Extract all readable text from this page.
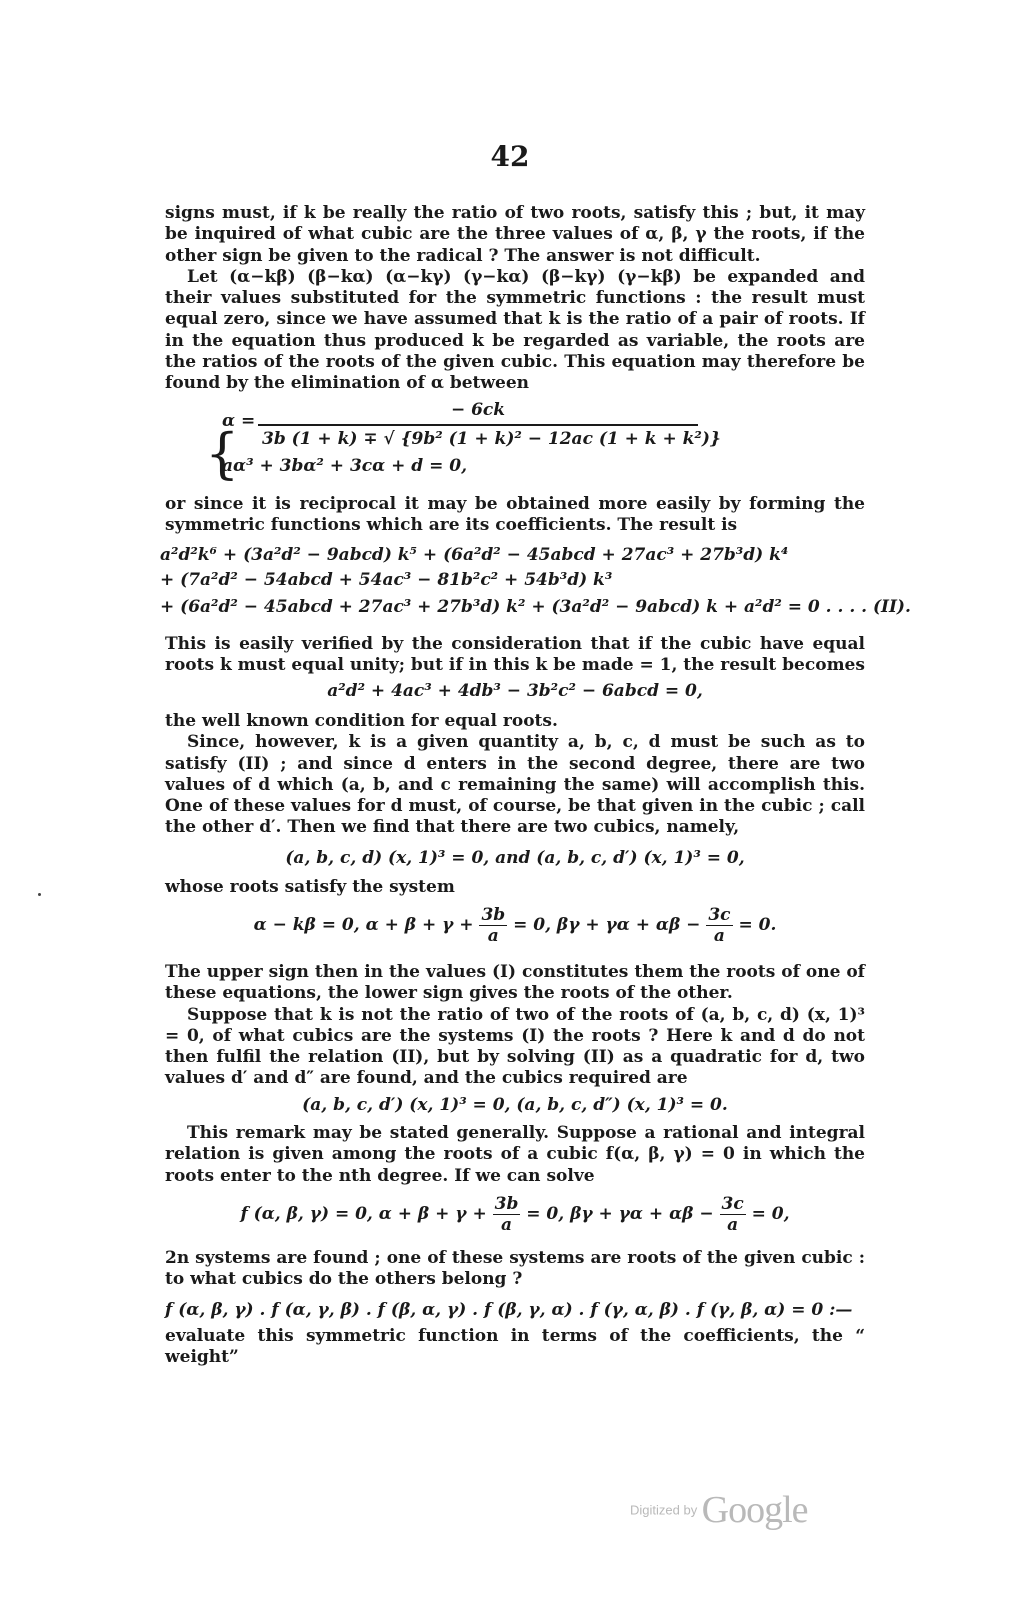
42

signs must, if k be really the ratio of two roots, satisfy this ; but, it may be inquired of what cubic are the three values of α, β, γ the roots, if the other sign be given to the radical ? The answer is not difficult.

Let (α−kβ) (β−kα) (α−kγ) (γ−kα) (β−kγ) (γ−kβ) be expanded and their values substituted for the symmetric functions : the result must equal zero, since we have assumed that k is the ratio of a pair of roots. If in the equation thus produced k be regarded as variable, the roots are the ratios of the roots of the given cubic. This equation may therefore be found by the elimination of α between

{
α =
− 6ck
3b (1 + k) ∓ √ {9b² (1 + k)² − 12ac (1 + k + k²)}
aα³ + 3bα² + 3cα + d = 0,

or since it is reciprocal it may be obtained more easily by forming the symmetric functions which are its coefficients. The result is

a²d²k⁶ + (3a²d² − 9abcd) k⁵ + (6a²d² − 45abcd + 27ac³ + 27b³d) k⁴
+ (7a²d² − 54abcd + 54ac³ − 81b²c² + 54b³d) k³
+ (6a²d² − 45abcd + 27ac³ + 27b³d) k² + (3a²d² − 9abcd) k + a²d² = 0 . . . . (II).

This is easily verified by the consideration that if the cubic have equal roots k must equal unity; but if in this k be made = 1, the result becomes

a²d² + 4ac³ + 4db³ − 3b²c² − 6abcd = 0,

the well known condition for equal roots.

Since, however, k is a given quantity a, b, c, d must be such as to satisfy (II) ; and since d enters in the second degree, there are two values of d which (a, b, and c remaining the same) will accomplish this. One of these values for d must, of course, be that given in the cubic ; call the other d′. Then we find that there are two cubics, namely,

(a, b, c, d) (x, 1)³ = 0, and (a, b, c, d′) (x, 1)³ = 0,

whose roots satisfy the system

α − kβ = 0, $\alpha + \beta + \gamma + \frac{3b}{a} = 0$, $\beta\gamma + \gamma\alpha + \alpha\beta - \frac{3c}{a} = 0$.

The upper sign then in the values (I) constitutes them the roots of one of these equations, the lower sign gives the roots of the other.

Suppose that k is not the ratio of two of the roots of (a, b, c, d) (x, 1)³ = 0, of what cubics are the systems (I) the roots ? Here k and d do not then fulfil the relation (II), but by solving (II) as a quadratic for d, two values d′ and d″ are found, and the cubics required are

(a, b, c, d′) (x, 1)³ = 0, (a, b, c, d″) (x, 1)³ = 0.

This remark may be stated generally. Suppose a rational and integral relation is given among the roots of a cubic f(α, β, γ) = 0 in which the roots enter to the nth degree. If we can solve

f (α, β, γ) = 0, $\alpha + \beta + \gamma + \frac{3b}{a} = 0$, $\beta\gamma + \gamma\alpha + \alpha\beta - \frac{3c}{a} = 0$,

2n systems are found ; one of these systems are roots of the given cubic : to what cubics do the others belong ?

f (α, β, γ) . f (α, γ, β) . f (β, α, γ) . f (β, γ, α) . f (γ, α, β) . f (γ, β, α) = 0 :—

evaluate this symmetric function in terms of the coefficients, the “ weight”

Digitized by Google
